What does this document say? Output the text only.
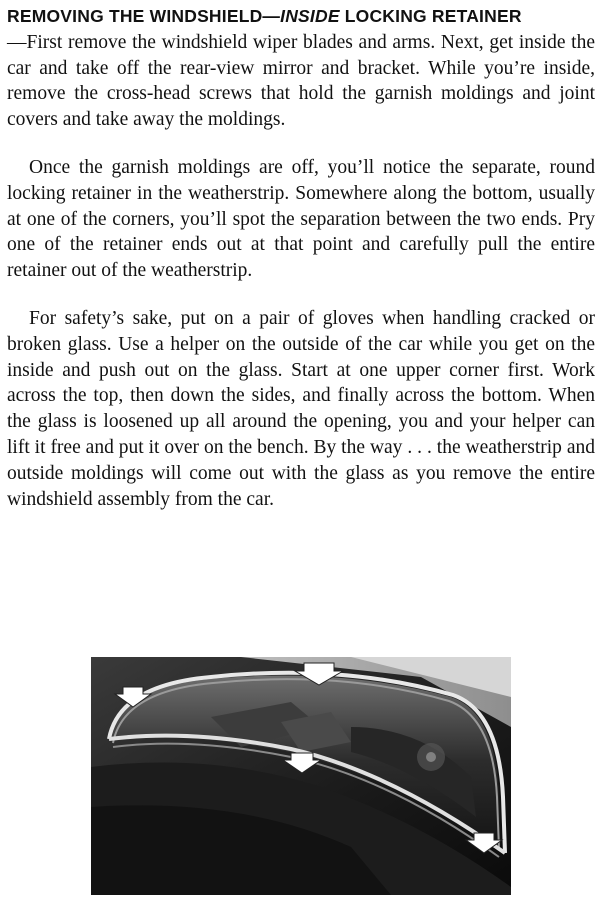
REMOVING THE WINDSHIELD—INSIDE LOCKING RETAINER
—First remove the windshield wiper blades and arms. Next, get inside the car and take off the rear-view mirror and bracket. While you’re inside, remove the cross-head screws that hold the garnish moldings and joint covers and take away the moldings.

Once the garnish moldings are off, you’ll notice the separate, round locking retainer in the weatherstrip. Somewhere along the bottom, usually at one of the corners, you’ll spot the separation between the two ends. Pry one of the retainer ends out at that point and carefully pull the entire retainer out of the weatherstrip.

For safety’s sake, put on a pair of gloves when handling cracked or broken glass. Use a helper on the outside of the car while you get on the inside and push out on the glass. Start at one upper corner first. Work across the top, then down the sides, and finally across the bottom. When the glass is loosened up all around the opening, you and your helper can lift it free and put it over on the bench. By the way . . . the weatherstrip and outside moldings will come out with the glass as you remove the entire windshield assembly from the car.
